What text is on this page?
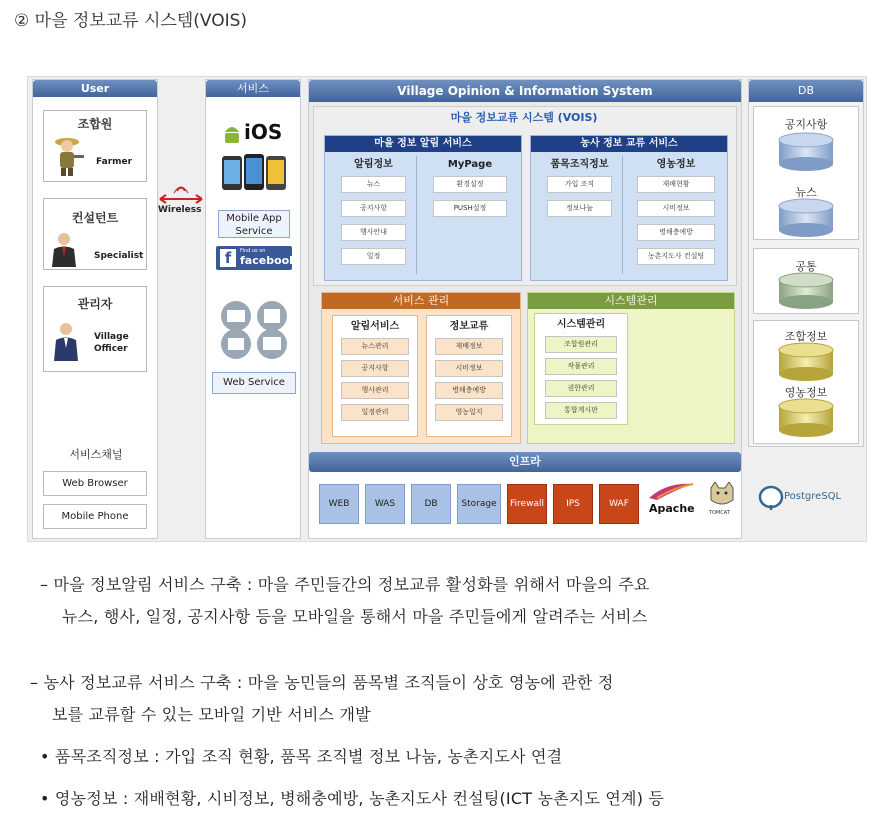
② 마을 정보교류 시스템(VOIS)
User
조합원
Farmer
컨설턴트
Specialist
관리자
Village Officer
서비스채널
Web Browser
Mobile Phone
Wireless
서비스
iOS
Mobile App Service
f	Find us on
facebook.
Web Service
Village Opinion & Information System
마을 정보교류 시스템 (VOIS)
마을 정보 알림 서비스
알림정보
뉴스
공지사항
행사안내
일정
MyPage
환경설정
PUSH설정
농사 정보 교류 서비스
품목조직정보
가입 조직
정보나눔
영농정보
재배현황
시비정보
병해충예방
농촌지도사 컨설팅
서비스 관리
알림서비스
뉴스관리
공지사항
행사관리
일정관리
정보교류
재배정보
시비정보
병해충예방
영농일지
시스템관리
시스템관리
조합원관리
작물관리
권한관리
통합게시판
인프라
WEB	WAS	DB	Storage	Firewall	IPS	WAF	Apache	TOMCAT
PostgreSQL
DB
공지사항
뉴스
공통
조합정보
영농정보
– 마을 정보알림 서비스 구축 : 마을 주민들간의 정보교류 활성화를 위해서 마을의 주요
뉴스, 행사, 일정, 공지사항 등을 모바일을 통해서 마을 주민들에게 알려주는 서비스
– 농사 정보교류 서비스 구축 : 마을 농민들의 품목별 조직들이 상호 영농에 관한 정
보를 교류할 수 있는 모바일 기반 서비스 개발
• 품목조직정보 : 가입 조직 현황, 품목 조직별 정보 나눔, 농촌지도사 연결
• 영농정보 : 재배현황, 시비정보, 병해충예방, 농촌지도사 컨설팅(ICT 농촌지도 연계) 등
